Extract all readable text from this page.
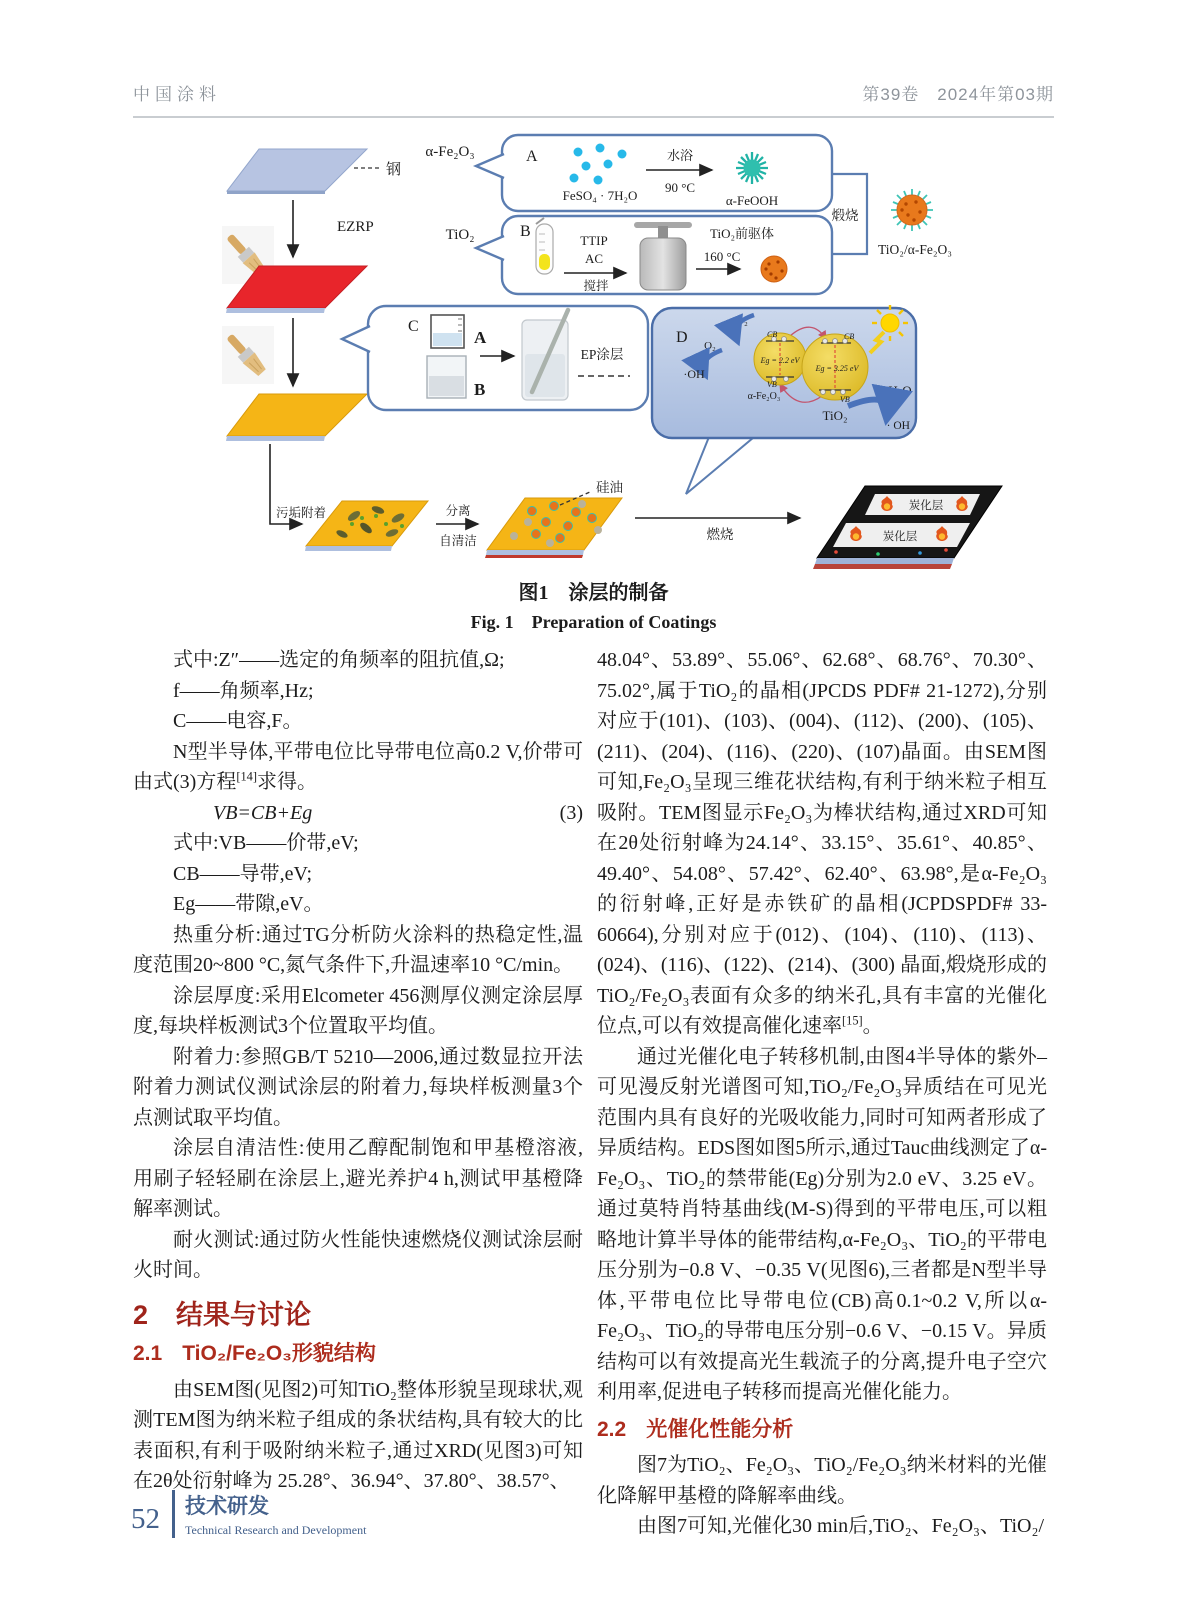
中国涂料	第39卷　2024年第03期
钢
EZRP
污垢附着	分离
自清洁
硅油
燃烧
炭化层
炭化层
α-Fe₂O₃	A
FeSO₄ · 7H₂O
水浴
90 °C
α-FeOOH
TiO₂	B
TTIP
AC
搅拌
TiO₂前驱体
160 °C
煅烧
TiO₂/α-Fe₂O₃
C
A
B
EP涂层
D
O₂
O₂
·OH
CB
VB
Eg = 2.2 eV
α-Fe₂O₃
CB
VB
Eg = 3.25 eV
TiO₂
H₂O
· OH
图1　涂层的制备
Fig. 1　Preparation of Coatings

式中:Z″——选定的角频率的阻抗值,Ω;

f——角频率,Hz;

C——电容,F。

N型半导体,平带电位比导带电位高0.2 V,价带可由式(3)方程[14]求得。

VB=CB+Eg	(3)

式中:VB——价带,eV;

CB——导带,eV;

Eg——带隙,eV。

热重分析:通过TG分析防火涂料的热稳定性,温度范围20~800 °C,氮气条件下,升温速率10 °C/min。

涂层厚度:采用Elcometer 456测厚仪测定涂层厚度,每块样板测试3个位置取平均值。

附着力:参照GB/T 5210—2006,通过数显拉开法附着力测试仪测试涂层的附着力,每块样板测量3个点测试取平均值。

涂层自清洁性:使用乙醇配制饱和甲基橙溶液,用刷子轻轻刷在涂层上,避光养护4 h,测试甲基橙降解率测试。

耐火测试:通过防火性能快速燃烧仪测试涂层耐火时间。

2 结果与讨论
2.1 TiO₂/Fe₂O₃形貌结构

由SEM图(见图2)可知TiO₂整体形貌呈现球状,观测TEM图为纳米粒子组成的条状结构,具有较大的比表面积,有利于吸附纳米粒子,通过XRD(见图3)可知在2θ处衍射峰为 25.28°、36.94°、37.80°、38.57°、

48.04°、53.89°、55.06°、62.68°、68.76°、70.30°、75.02°,属于TiO₂的晶相(JPCDS PDF# 21-1272),分别对应于(101)、(103)、(004)、(112)、(200)、(105)、(211)、(204)、(116)、(220)、(107)晶面。由SEM图可知,Fe₂O₃呈现三维花状结构,有利于纳米粒子相互吸附。TEM图显示Fe₂O₃为棒状结构,通过XRD可知在2θ处衍射峰为24.14°、33.15°、35.61°、40.85°、49.40°、54.08°、57.42°、62.40°、63.98°,是α-Fe₂O₃的衍射峰,正好是赤铁矿的晶相(JCPDSPDF# 33-60664),分别对应于(012)、(104)、(110)、(113)、(024)、(116)、(122)、(214)、(300) 晶面,煅烧形成的TiO₂/Fe₂O₃表面有众多的纳米孔,具有丰富的光催化位点,可以有效提高催化速率[15]。

通过光催化电子转移机制,由图4半导体的紫外–可见漫反射光谱图可知,TiO₂/Fe₂O₃异质结在可见光范围内具有良好的光吸收能力,同时可知两者形成了异质结构。EDS图如图5所示,通过Tauc曲线测定了α-Fe₂O₃、TiO₂的禁带能(Eg)分别为2.0 eV、3.25 eV。通过莫特肖特基曲线(M-S)得到的平带电压,可以粗略地计算半导体的能带结构,α-Fe₂O₃、TiO₂的平带电压分别为−0.8 V、−0.35 V(见图6),三者都是N型半导体,平带电位比导带电位(CB)高0.1~0.2 V,所以α-Fe₂O₃、TiO₂的导带电压分别−0.6 V、−0.15 V。异质结构可以有效提高光生载流子的分离,提升电子空穴利用率,促进电子转移而提高光催化能力。

2.2 光催化性能分析

图7为TiO₂、Fe₂O₃、TiO₂/Fe₂O₃纳米材料的光催化降解甲基橙的降解率曲线。

由图7可知,光催化30 min后,TiO₂、Fe₂O₃、TiO₂/

52	技术研发
Technical Research and Development
